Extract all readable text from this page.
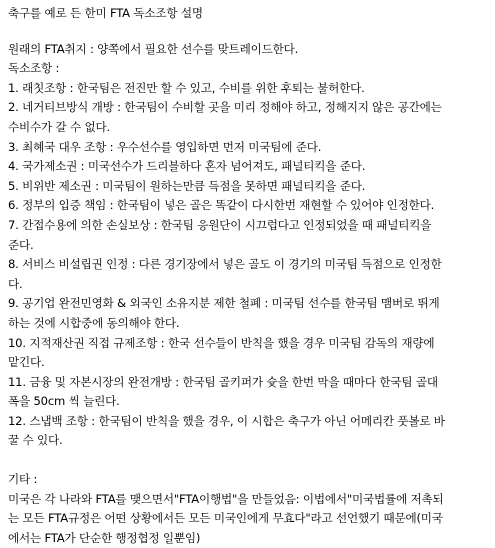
축구를 예로 든 한미 FTA 독소조항 설명
원래의 FTA취지 : 양쪽에서 필요한 선수를 맞트레이드한다.
독소조항 :
1. 래칫조항 : 한국팀은 전진만 할 수 있고, 수비를 위한 후퇴는 불허한다.
2. 네거티브방식 개방 : 한국팀이 수비할 곳을 미리 정해야 하고, 정해지지 않은 공간에는
수비수가 갈 수 없다.
3. 최혜국 대우 조항 : 우수선수를 영입하면 먼저 미국팀에 준다.
4. 국가제소권 : 미국선수가 드리블하다 혼자 넘어져도, 패널티킥을 준다.
5. 비위반 제소권 : 미국팀이 원하는만큼 득점을 못하면 패널티킥을 준다.
6. 정부의 입증 책임 : 한국팀이 넣은 골은 똑같이 다시한번 재현할 수 있어야 인정한다.
7. 간접수용에 의한 손실보상 : 한국팀 응원단이 시끄럽다고 인정되었을 때 패널티킥을
준다.
8. 서비스 비설립권 인정 : 다른 경기장에서 넣은 골도 이 경기의 미국팀 득점으로 인정한
다.
9. 공기업 완전민영화 & 외국인 소유지분 제한 철폐 : 미국팀 선수를 한국팀 맴버로 뛰게
하는 것에 시합중에 동의해야 한다.
10. 지적재산권 직접 규제조항 : 한국 선수들이 반칙을 했을 경우 미국팀 감독의 재량에
맡긴다.
11. 금융 및 자본시장의 완전개방 : 한국팀 골키퍼가 슛을 한번 막을 때마다 한국팀 골대
폭을 50cm 씩 늘린다.
12. 스냅백 조항 : 한국팀이 반칙을 했을 경우, 이 시합은 축구가 아닌 어메리칸 풋볼로 바
꿀 수 있다.
기타 :
미국은 각 나라와 FTA를 맺으면서"FTA이행법"을 만들었음: 이법에서"미국법률에 저촉되
는 모든 FTA규정은 어떤 상황에서든 모든 미국인에게 무효다"라고 선언했기 때문에(미국
에서는 FTA가 단순한 행정협정 일뿐임)
